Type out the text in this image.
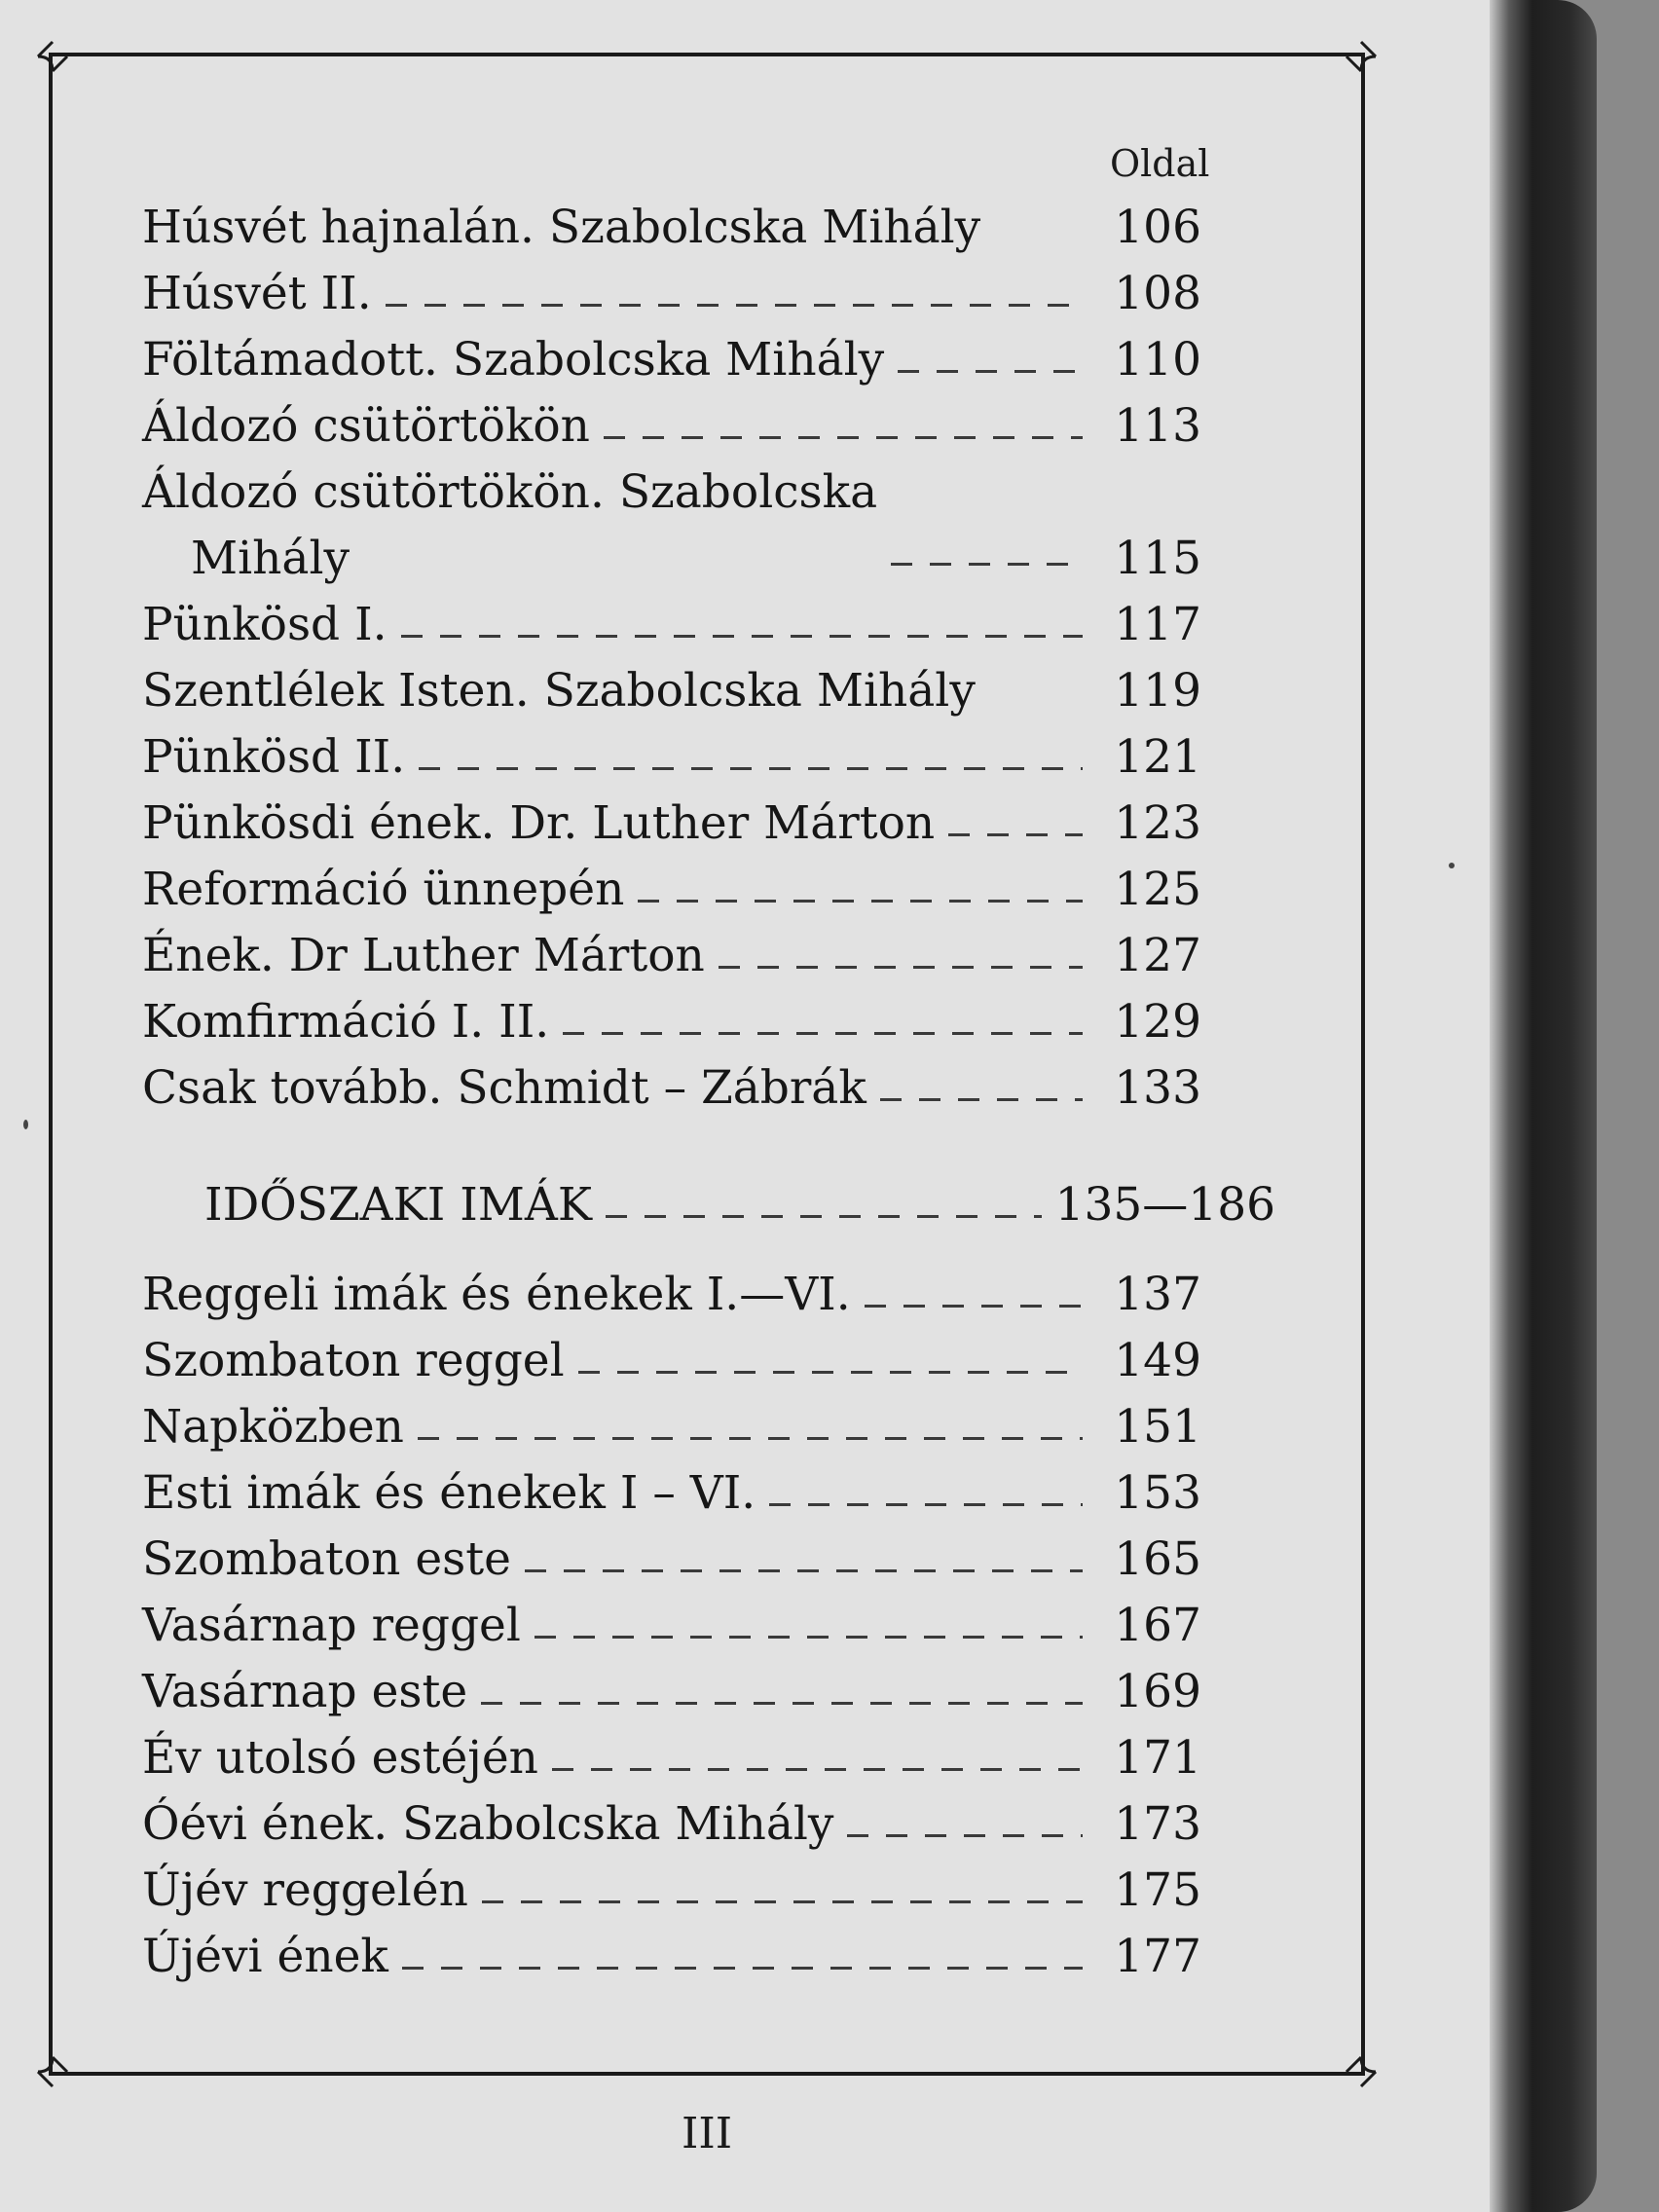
Oldal
Húsvét hajnalán. Szabolcska Mihály	106
Húsvét II.	108
Föltámadott. Szabolcska Mihály	110
Áldozó csütörtökön	113
Áldozó csütörtökön. Szabolcska
Mihály	115
Pünkösd I.	117
Szentlélek Isten. Szabolcska Mihály	119
Pünkösd II.	121
Pünkösdi ének. Dr. Luther Márton	123
Reformáció ünnepén	125
Ének. Dr Luther Márton	127
Komfirmáció I. II.	129
Csak tovább. Schmidt – Zábrák	133
IDŐSZAKI IMÁK	135—186
Reggeli imák és énekek I.—VI.	137
Szombaton reggel	149
Napközben	151
Esti imák és énekek I – VI.	153
Szombaton este	165
Vasárnap reggel	167
Vasárnap este	169
Év utolsó estéjén	171
Óévi ének. Szabolcska Mihály	173
Újév reggelén	175
Újévi ének	177
III
